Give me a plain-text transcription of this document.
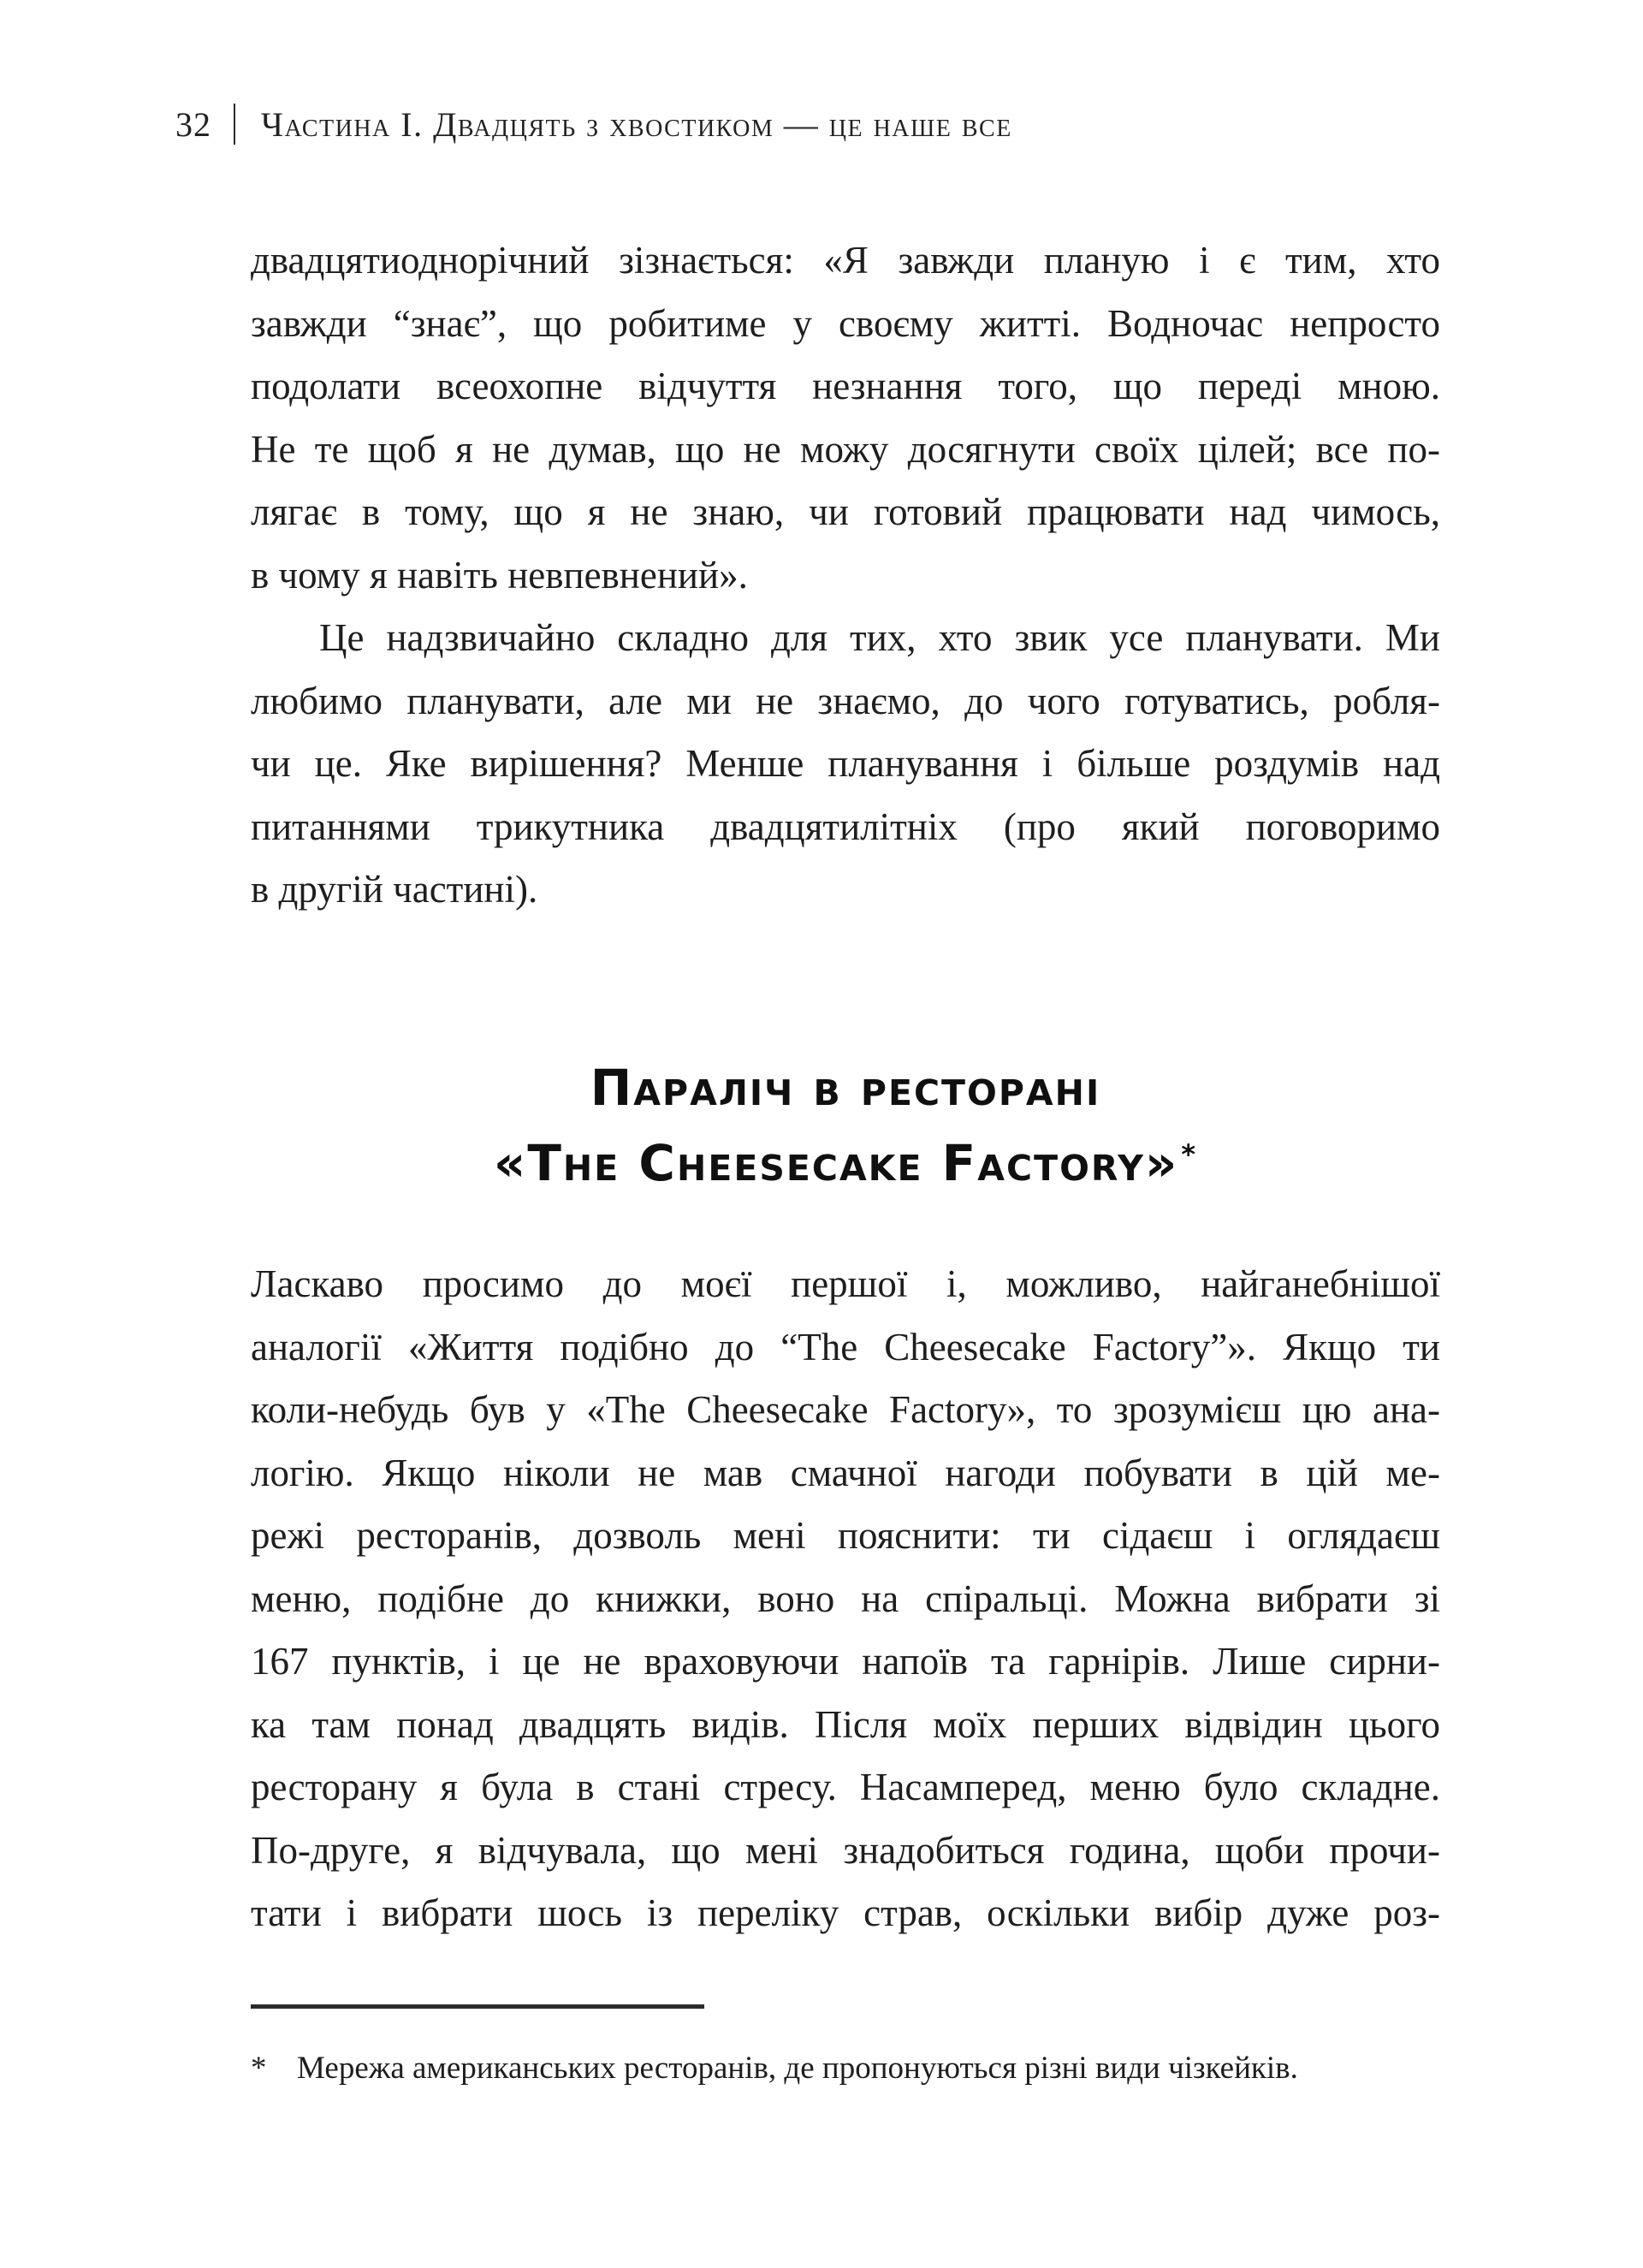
32 Частина I. Двадцять з хвостиком — це наше все
двадцятиоднорічний зізнається: «Я завжди планую і є тим, хто
завжди “знає”, що робитиме у своєму житті. Водночас непросто
подолати всеохопне відчуття незнання того, що переді мною.
Не те щоб я не думав, що не можу досягнути своїх цілей; все по-
лягає в тому, що я не знаю, чи готовий працювати над чимось,
в чому я навіть невпевнений».
Це надзвичайно складно для тих, хто звик усе планувати. Ми
любимо планувати, але ми не знаємо, до чого готуватись, робля-
чи це. Яке вирішення? Менше планування і більше роздумів над
питаннями трикутника двадцятилітніх (про який поговоримо
в другій частині).
Параліч в ресторані
«The Cheesecake Factory»*
Ласкаво просимо до моєї першої і, можливо, найганебнішої
аналогії «Життя подібно до “The Cheesecake Factory”». Якщо ти
коли-небудь був у «The Cheesecake Factory», то зрозумієш цю ана-
логію. Якщо ніколи не мав смачної нагоди побувати в цій ме-
режі ресторанів, дозволь мені пояснити: ти сідаєш і оглядаєш
меню, подібне до книжки, воно на спіральці. Можна вибрати зі
167 пунктів, і це не враховуючи напоїв та гарнірів. Лише сирни-
ка там понад двадцять видів. Після моїх перших відвідин цього
ресторану я була в стані стресу. Насамперед, меню було складне.
По-друге, я відчувала, що мені знадобиться година, щоби прочи-
тати і вибрати шось із переліку страв, оскільки вибір дуже роз-
* Мережа американських ресторанів, де пропонуються різні види чізкейків.
